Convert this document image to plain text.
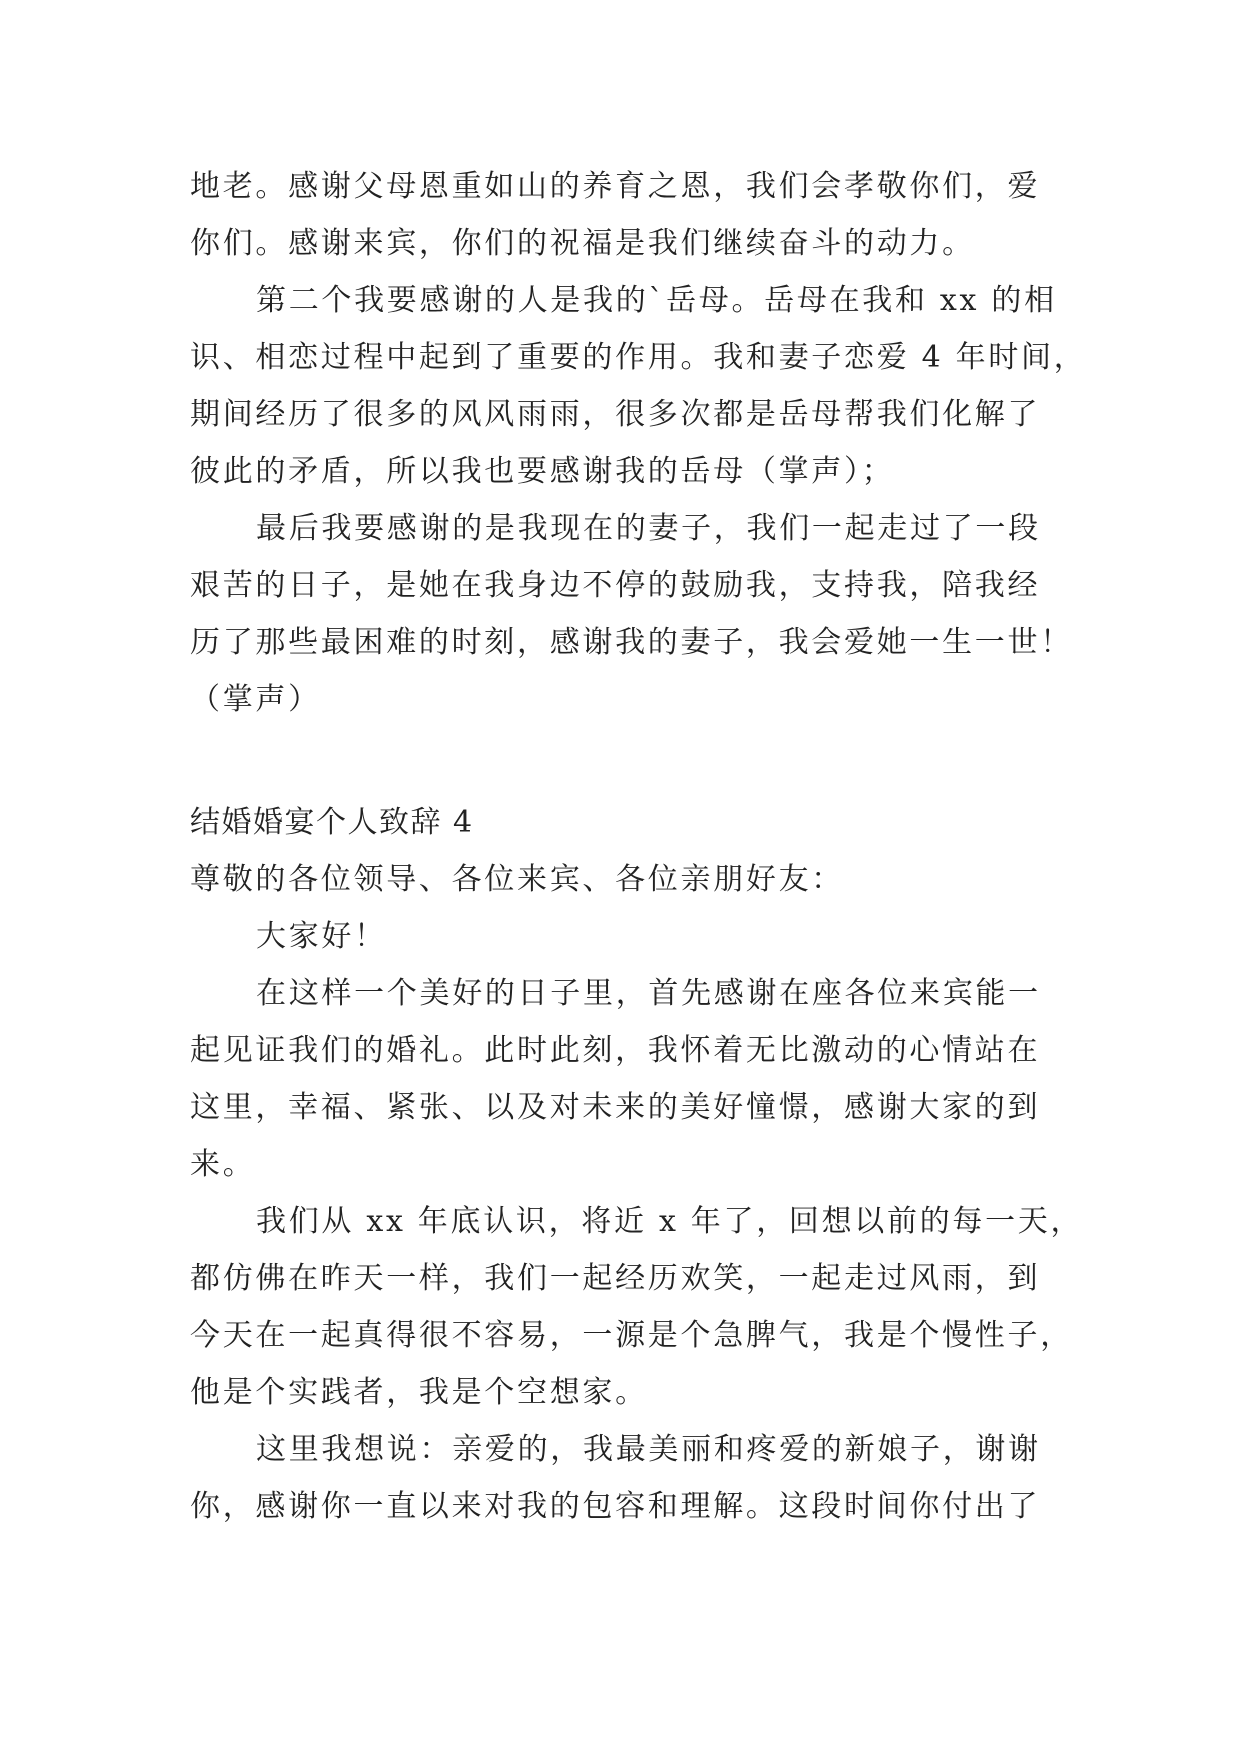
地老。感谢父母恩重如山的养育之恩，我们会孝敬你们，爱
你们。感谢来宾，你们的祝福是我们继续奋斗的动力。
第二个我要感谢的人是我的`岳母。岳母在我和 xx 的相
识、相恋过程中起到了重要的作用。我和妻子恋爱 4 年时间，
期间经历了很多的风风雨雨，很多次都是岳母帮我们化解了
彼此的矛盾，所以我也要感谢我的岳母（掌声）；
最后我要感谢的是我现在的妻子，我们一起走过了一段
艰苦的日子，是她在我身边不停的鼓励我，支持我，陪我经
历了那些最困难的时刻，感谢我的妻子，我会爱她一生一世！
（掌声）
结婚婚宴个人致辞 4
尊敬的各位领导、各位来宾、各位亲朋好友：
大家好！
在这样一个美好的日子里，首先感谢在座各位来宾能一
起见证我们的婚礼。此时此刻，我怀着无比激动的心情站在
这里，幸福、紧张、以及对未来的美好憧憬，感谢大家的到
来。
我们从 xx 年底认识，将近 x 年了，回想以前的每一天，
都仿佛在昨天一样，我们一起经历欢笑，一起走过风雨，到
今天在一起真得很不容易，一源是个急脾气，我是个慢性子，
他是个实践者，我是个空想家。
这里我想说：亲爱的，我最美丽和疼爱的新娘子，谢谢
你，感谢你一直以来对我的包容和理解。这段时间你付出了
